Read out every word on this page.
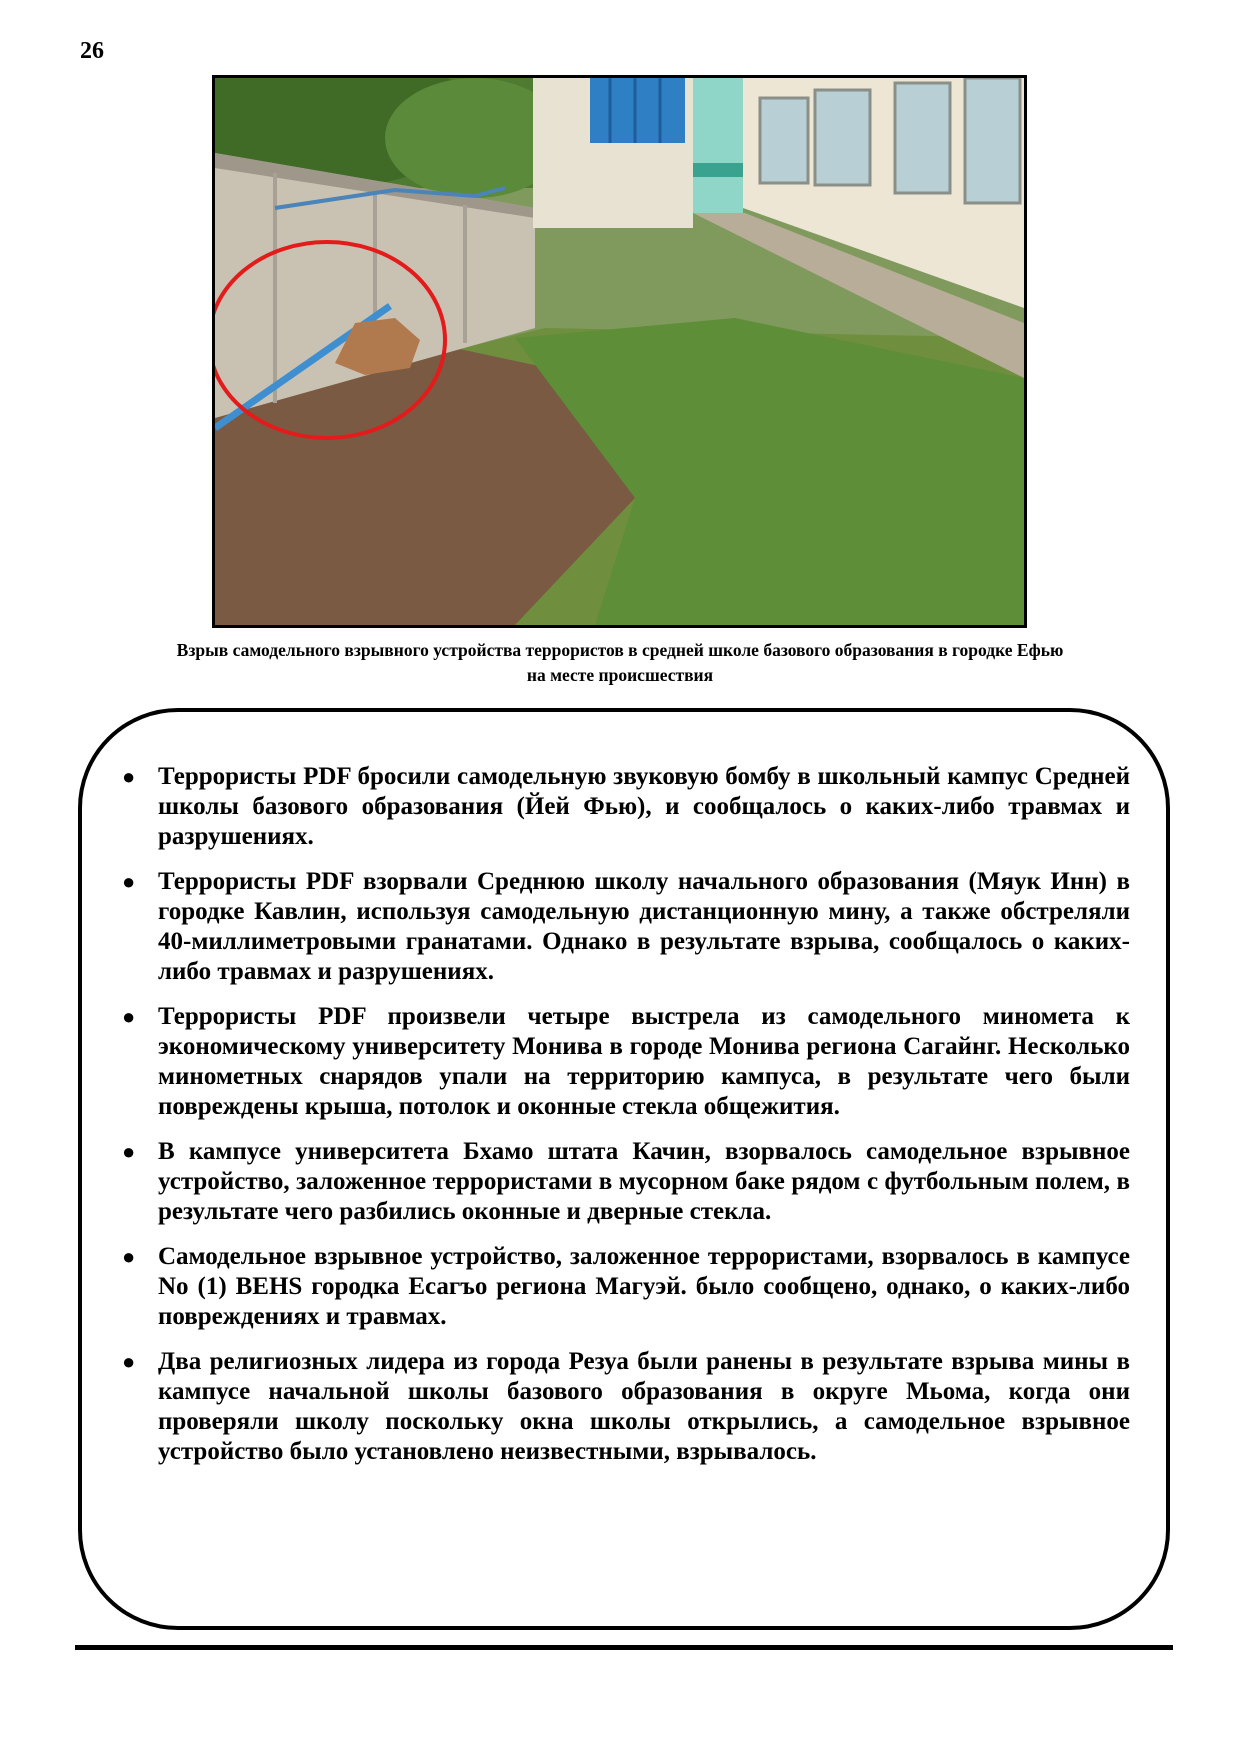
26
Взрыв самодельного взрывного устройства террористов в средней школе базового образования в городке Ефью
на месте происшествия
● Террористы PDF бросили самодельную звуковую бомбу в школьный кампус Средней школы базового образования (Йей Фью), и сообщалось о каких-либо травмах и разрушениях.
● Террористы PDF взорвали Среднюю школу начального образования (Мяук Инн) в городке Кавлин, используя самодельную дистанционную мину, а также обстреляли 40-миллиметровыми гранатами. Однако в результате взрыва, сообщалось о каких-либо травмах и разрушениях.
● Террористы PDF произвели четыре выстрела из самодельного миномета к экономическому университету Монива в городе Монива региона Сагайнг. Несколько минометных снарядов упали на территорию кампуса, в результате чего были повреждены крыша, потолок и оконные стекла общежития.
● В кампусе университета Бхамо штата Качин, взорвалось самодельное взрывное устройство, заложенное террористами в мусорном баке рядом с футбольным полем, в результате чего разбились оконные и дверные стекла.
● Самодельное взрывное устройство, заложенное террористами, взорвалось в кампусе No (1) BEHS городка Есагъо региона Магуэй. было сообщено, однако, о каких-либо повреждениях и травмах.
● Два религиозных лидера из города Резуа были ранены в результате взрыва мины в кампусе начальной школы базового образования в округе Мьома, когда они проверяли школу поскольку окна школы открылись, а самодельное взрывное устройство было установлено неизвестными, взрывалось.
